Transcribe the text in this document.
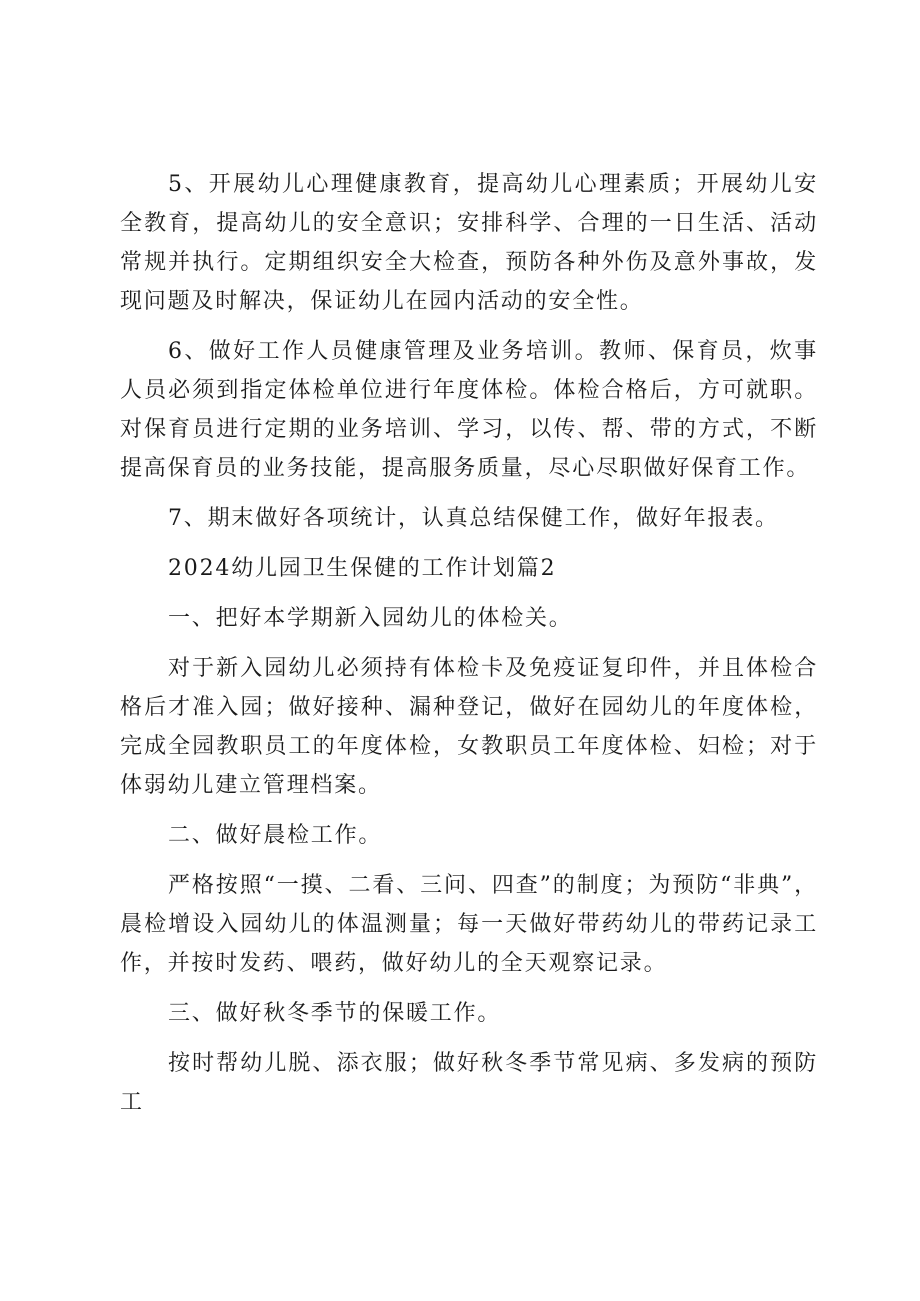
5、开展幼儿心理健康教育，提高幼儿心理素质；开展幼儿安全教育，提高幼儿的安全意识；安排科学、合理的一日生活、活动常规并执行。定期组织安全大检查，预防各种外伤及意外事故，发现问题及时解决，保证幼儿在园内活动的安全性。

6、做好工作人员健康管理及业务培训。教师、保育员，炊事人员必须到指定体检单位进行年度体检。体检合格后，方可就职。对保育员进行定期的业务培训、学习，以传、帮、带的方式，不断提高保育员的业务技能，提高服务质量，尽心尽职做好保育工作。

7、期末做好各项统计，认真总结保健工作，做好年报表。

2024幼儿园卫生保健的工作计划篇2

一、把好本学期新入园幼儿的体检关。

对于新入园幼儿必须持有体检卡及免疫证复印件，并且体检合格后才准入园；做好接种、漏种登记，做好在园幼儿的年度体检，完成全园教职员工的年度体检，女教职员工年度体检、妇检；对于体弱幼儿建立管理档案。

二、做好晨检工作。

严格按照“一摸、二看、三问、四查”的制度；为预防“非典”，晨检增设入园幼儿的体温测量；每一天做好带药幼儿的带药记录工作，并按时发药、喂药，做好幼儿的全天观察记录。

三、做好秋冬季节的保暖工作。

按时帮幼儿脱、添衣服；做好秋冬季节常见病、多发病的预防工
